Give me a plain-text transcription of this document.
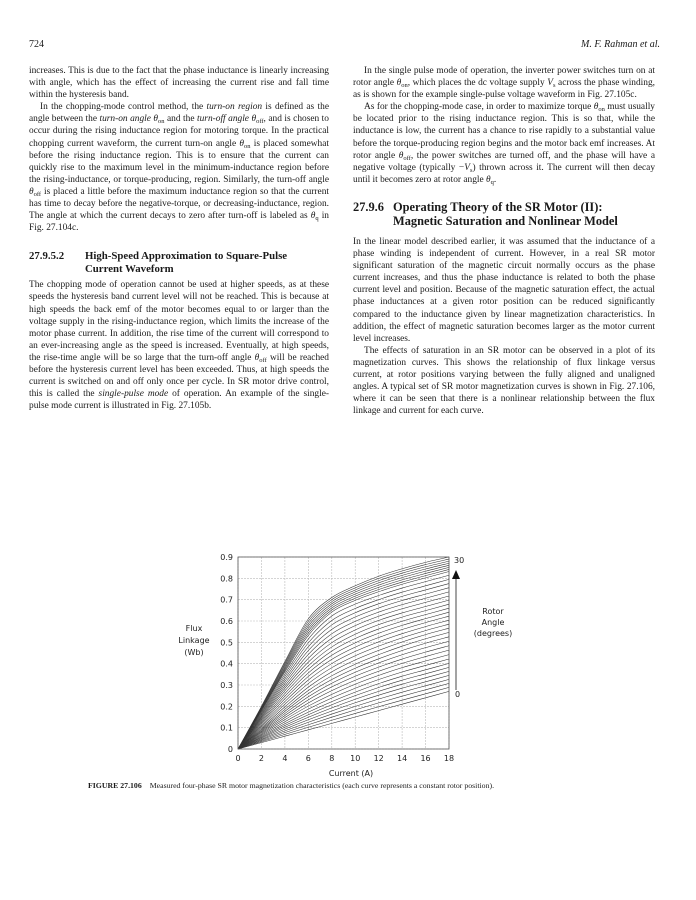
724	M. F. Rahman et al.

increases. This is due to the fact that the phase inductance is linearly increasing with angle, which has the effect of increasing the current rise and fall time within the hysteresis band.

In the chopping-mode control method, the turn-on region is defined as the angle between the turn-on angle $\theta_{on}$ and the turn-off angle $\theta_{off}$, and is chosen to occur during the rising inductance region for motoring torque. In the practical chopping current waveform, the current turn-on angle $\theta_{on}$ is placed somewhat before the rising inductance region. This is to ensure that the current can quickly rise to the maximum level in the minimum-inductance region before the rising-inductance, or torque-producing, region. Similarly, the turn-off angle $\theta_{off}$ is placed a little before the maximum inductance region so that the current has time to decay before the negative-torque, or decreasing-inductance, region. The angle at which the current decays to zero after turn-off is labeled as $\theta_q$ in Fig. 27.104c.

27.9.5.2 High-Speed Approximation to Square-Pulse
Current Waveform

The chopping mode of operation cannot be used at higher speeds, as at these speeds the hysteresis band current level will not be reached. This is because at high speeds the back emf of the motor becomes equal to or larger than the voltage supply in the rising-inductance region, which limits the increase of the motor phase current. In addition, the rise time of the current will correspond to an ever-increasing angle as the speed is increased. Eventually, at high speeds, the rise-time angle will be so large that the turn-off angle $\theta_{off}$ will be reached before the hysteresis current level has been exceeded. Thus, at high speeds the current is switched on and off only once per cycle. In SR motor drive control, this is called the single-pulse mode of operation. An example of the single-pulse mode current is illustrated in Fig. 27.105b.

In the single pulse mode of operation, the inverter power switches turn on at rotor angle $\theta_{on}$, which places the dc voltage supply $V_s$ across the phase winding, as is shown for the example single-pulse voltage waveform in Fig. 27.105c.

As for the chopping-mode case, in order to maximize torque $\theta_{on}$ must usually be located prior to the rising inductance region. This is so that, while the inductance is low, the current has a chance to rise rapidly to a substantial value before the torque-producing region begins and the motor back emf increases. At rotor angle $\theta_{off}$, the power switches are turned off, and the phase will have a negative voltage (typically $-V_s$) thrown across it. The current will then decay until it becomes zero at rotor angle $\theta_q$.

27.9.6 Operating Theory of the SR Motor (II):
Magnetic Saturation and Nonlinear Model

In the linear model described earlier, it was assumed that the inductance of a phase winding is independent of current. However, in a real SR motor significant saturation of the magnetic circuit normally occurs as the phase current increases, and thus the phase inductance is related to both the phase current level and position. Because of the magnetic saturation effect, the actual phase inductances at a given rotor position can be reduced significantly compared to the inductance given by linear magnetization characteristics. In addition, the effect of magnetic saturation becomes larger as the motor current level increases.

The effects of saturation in an SR motor can be observed in a plot of its magnetization curves. This shows the relationship of flux linkage versus current, at rotor positions varying between the fully aligned and unaligned angles. A typical set of SR motor magnetization curves is shown in Fig. 27.106, where it can be seen that there is a nonlinear relationship between the flux linkage and current for each curve.

0
0.1
0.2
0.3
0.4
0.5
0.6
0.7
0.8
0.9
0 2 4 6 8 10 12 14 16 18
Flux
Linkage
(Wb)
Current (A)
30
0
Rotor
Angle
(degrees)
FIGURE 27.106 Measured four-phase SR motor magnetization characteristics (each curve represents a constant rotor position).
